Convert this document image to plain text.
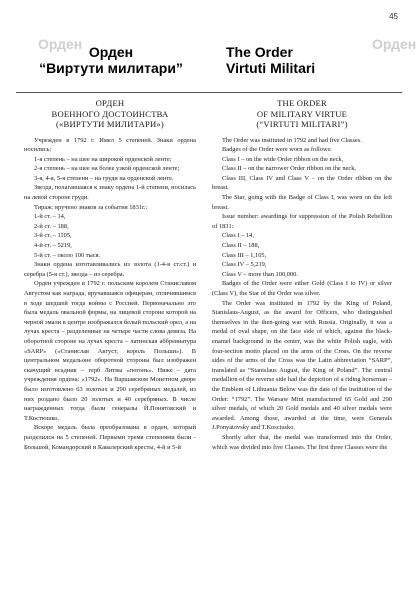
45
Орден	Орден
Орден
“Виртути милитари”
The Order
Virtuti Militari
ОРДЕН
ВОЕННОГО ДОСТОИНСТВА
(«ВИРТУТИ МИЛИТАРИ»)

Учрежден в 1792 г. Имел 5 степеней. Знаки ордена носились:

1-я степень – на шее на широкой орденской ленте;

2-я степень – на шее на более узкой орденской ленте;

3-я, 4-я, 5-я степени – на груди на орденской ленте.

Звезда, полагавшаяся к знаку ордена 1-й степени, носилась на левой стороне груди.

Тираж: вручено знаков за события 1831г.:

1-й ст. – 14,

2-й ст. – 188,

3-й ст. – 1105,

4-й ст. – 5219,

5-й ст. – около 100 тыся.

Знаки ордена изготавливались из золота (1-4-я ст.ст.) и серебра (5-я ст.), звезда – из серебра.

Орден учрежден в 1792 г. польским королем Станиславом Августом как награда, вручавшаяся офицерам, отличившимся в ходе шедшей тогда войны с Россией. Первоначально это была медаль овальной формы, на лицевой стороне которой на черной эмали в центре изображался белый польский орел, а на лучах креста – разделенные на четыре части слова девиза. На оборотной стороне на лучах креста – латинская аббревиатура «SARP» («Станислав Август, король Польши»). В центральном медальоне оборотной стороны был изображен скачущий всадник – герб Литвы «погонь». Ниже – дата учреждения ордена: «1792». На Варшавском Монетном дворе было изготовлено 63 золотых и 290 серебряных медалей, из них роздано было 20 золотых и 40 серебряных. В числе награжденных тогда были генералы Й.Понятовский и Т.Костюшко.

Вскоре медаль была преобразована в орден, который разделился на 5 степеней. Первыми тремя степенями были - Большой, Командорский и Кавалерский кресты, 4-й и 5-й

THE ORDER
OF MILITARY VIRTUE
(“VIRTUTI MILITARI”)

The Order was instituted in 1792 and had five Classes.

Badges of the Order were worn as follows:

Class I – on the wide Order ribbon on the neck,

Class II – on the narrower Order ribbon on the neck,

Class III, Class IV and Class V – on the Order ribbon on the breast.

The Star, going with the Badge of Class I, was worn on the left breast.

Issue number: awardings for suppression of the Polish Rebellion of 1831:

Class I – 14,

Class II – 188,

Class III – 1,105,

Class IV – 5,219,

Class V – more than 100,000.

Badges of the Order were either Gold (Class I to IV) or silver (Class V), the Star of the Order was silver.

The Order was instituted in 1792 by the King of Poland, Stanislaus-August, as the award for Officers, who distinguished themselves in the then-going war with Russia. Originally, it was a medal of oval shape, on the face side of which, against the black-enamel background in the center, was the white Polish eagle, with four-section motto placed on the arms of the Cross. On the reverse sides of the arms of the Cross was the Latin abbreviation “SARP”, translated as “Stanislaus August, the King of Poland”. The central medallion of the reverse side had the depiction of a riding horseman – the Emblem of Lithuania Below was the date of the institution of the Order: “1792”. The Warsaw Mint manufactured 65 Gold and 290 silver medals, of which 20 Gold medals and 40 silver medals were awarded. Among those, awarded at the time, were Generals J.Ponyatovsky and T.Kosciusko.

Shortly after that, the medal was transformed into the Order, which was divided into five Classes. The first three Classes were the
